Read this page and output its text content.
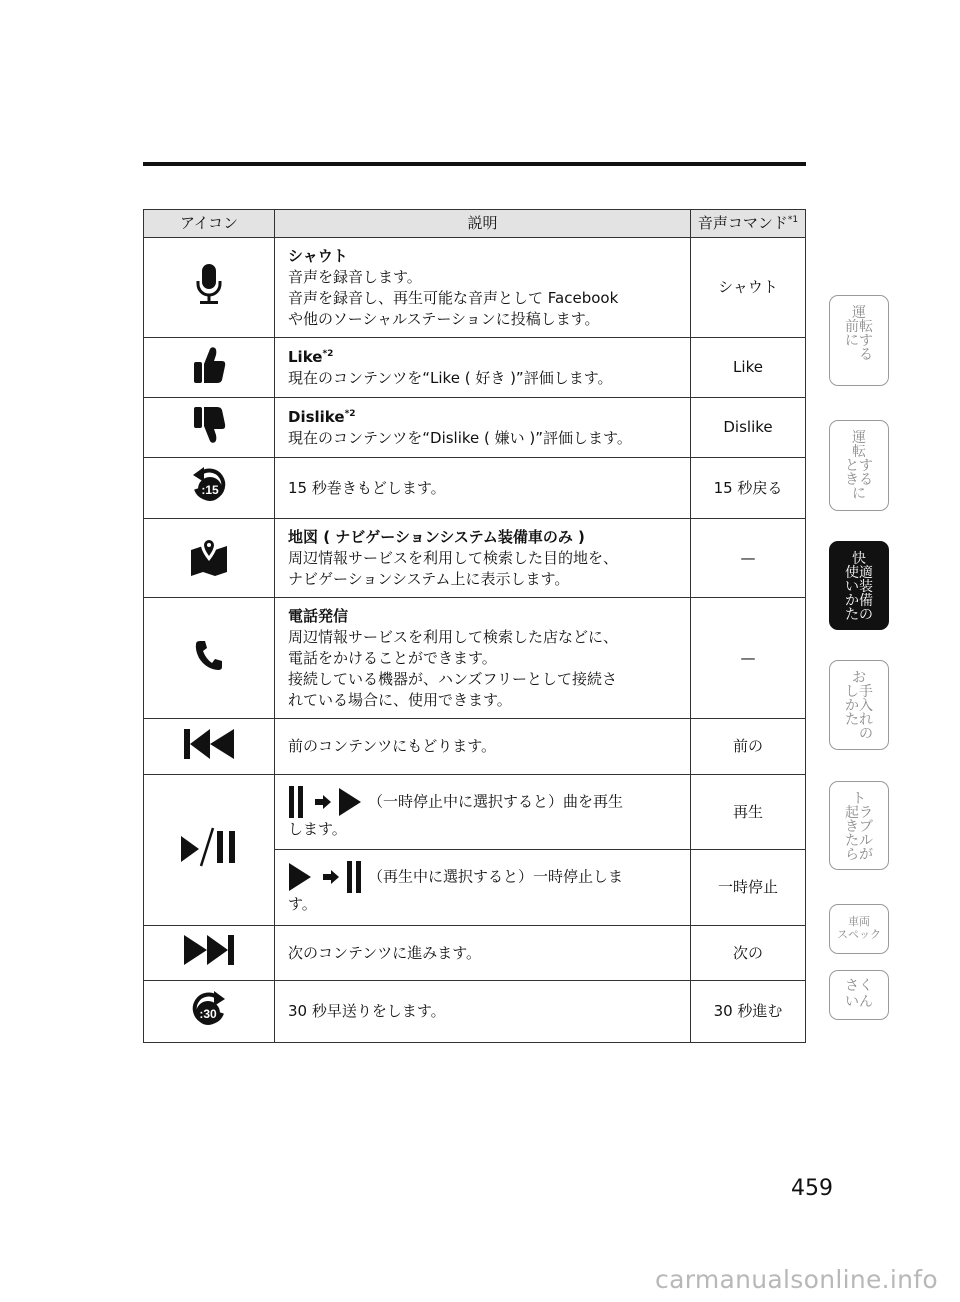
アイコン	説明	音声コマンド$^{*1}$

シャウト
音声を録音します。
音声を録音し、再生可能な音声として Facebook
や他のソーシャルステーションに投稿します。	シャウト

Like$^{*2}$
現在のコンテンツを“Like ( 好き )”評価します。	Like

Dislike$^{*2}$
現在のコンテンツを“Dislike ( 嫌い )”評価します。	Dislike

:15	15 秒巻きもどします。	15 秒戻る

地図 ( ナビゲーションシステム装備車のみ )
周辺情報サービスを利用して検索した目的地を、
ナビゲーションシステム上に表示します。	—

電話発信
周辺情報サービスを利用して検索した店などに、
電話をかけることができます。
接続している機器が、ハンズフリーとして接続さ
れている場合に、使用できます。	—

前のコンテンツにもどります。	前の

（一時停止中に選択すると）曲を再生
します。	再生

（再生中に選択すると）一時停止しま
す。	一時停止

次のコンテンツに進みます。	次の

:30	30 秒早送りをします。	30 秒進む
運
前転
にす
　る
運
転
とす
きる
に
快
使適
い装
か備
たの
お
し手
か入
たれ
　の
ト
起ラ
きブ
たル
らが
車両
スペック
さく
いん
459
carmanualsonline.info
